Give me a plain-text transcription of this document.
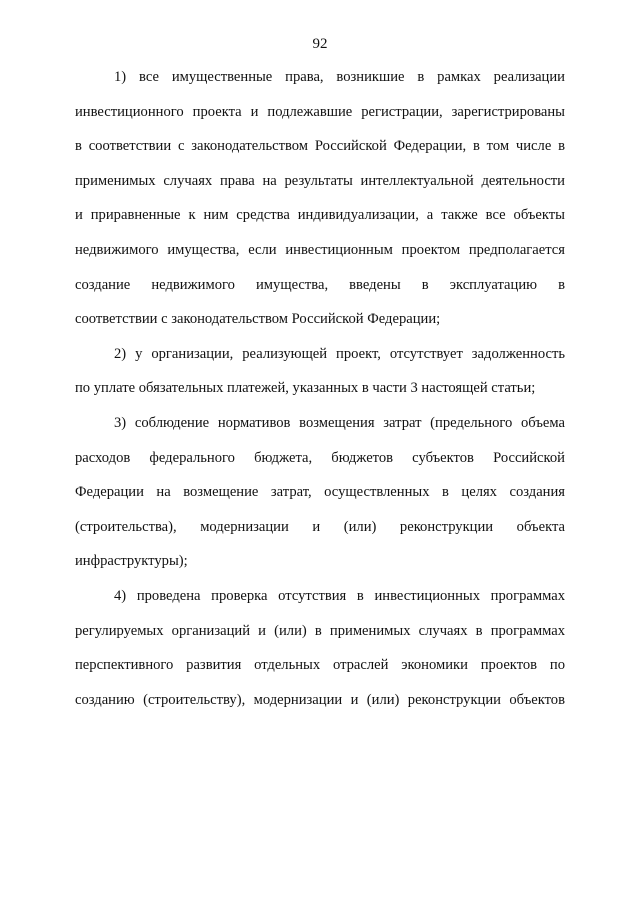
92
1) все имущественные права, возникшие в рамках реализации
инвестиционного проекта и подлежавшие регистрации, зарегистрированы
в соответствии с законодательством Российской Федерации, в том числе в
применимых случаях права на результаты интеллектуальной деятельности
и приравненные к ним средства индивидуализации, а также все объекты
недвижимого имущества, если инвестиционным проектом предполагается
создание недвижимого имущества, введены в эксплуатацию в
соответствии с законодательством Российской Федерации;
2) у организации, реализующей проект, отсутствует задолженность
по уплате обязательных платежей, указанных в части 3 настоящей статьи;
3) соблюдение нормативов возмещения затрат (предельного объема
расходов федерального бюджета, бюджетов субъектов Российской
Федерации на возмещение затрат, осуществленных в целях создания
(строительства), модернизации и (или) реконструкции объекта
инфраструктуры);
4) проведена проверка отсутствия в инвестиционных программах
регулируемых организаций и (или) в применимых случаях в программах
перспективного развития отдельных отраслей экономики проектов по
созданию (строительству), модернизации и (или) реконструкции объектов
